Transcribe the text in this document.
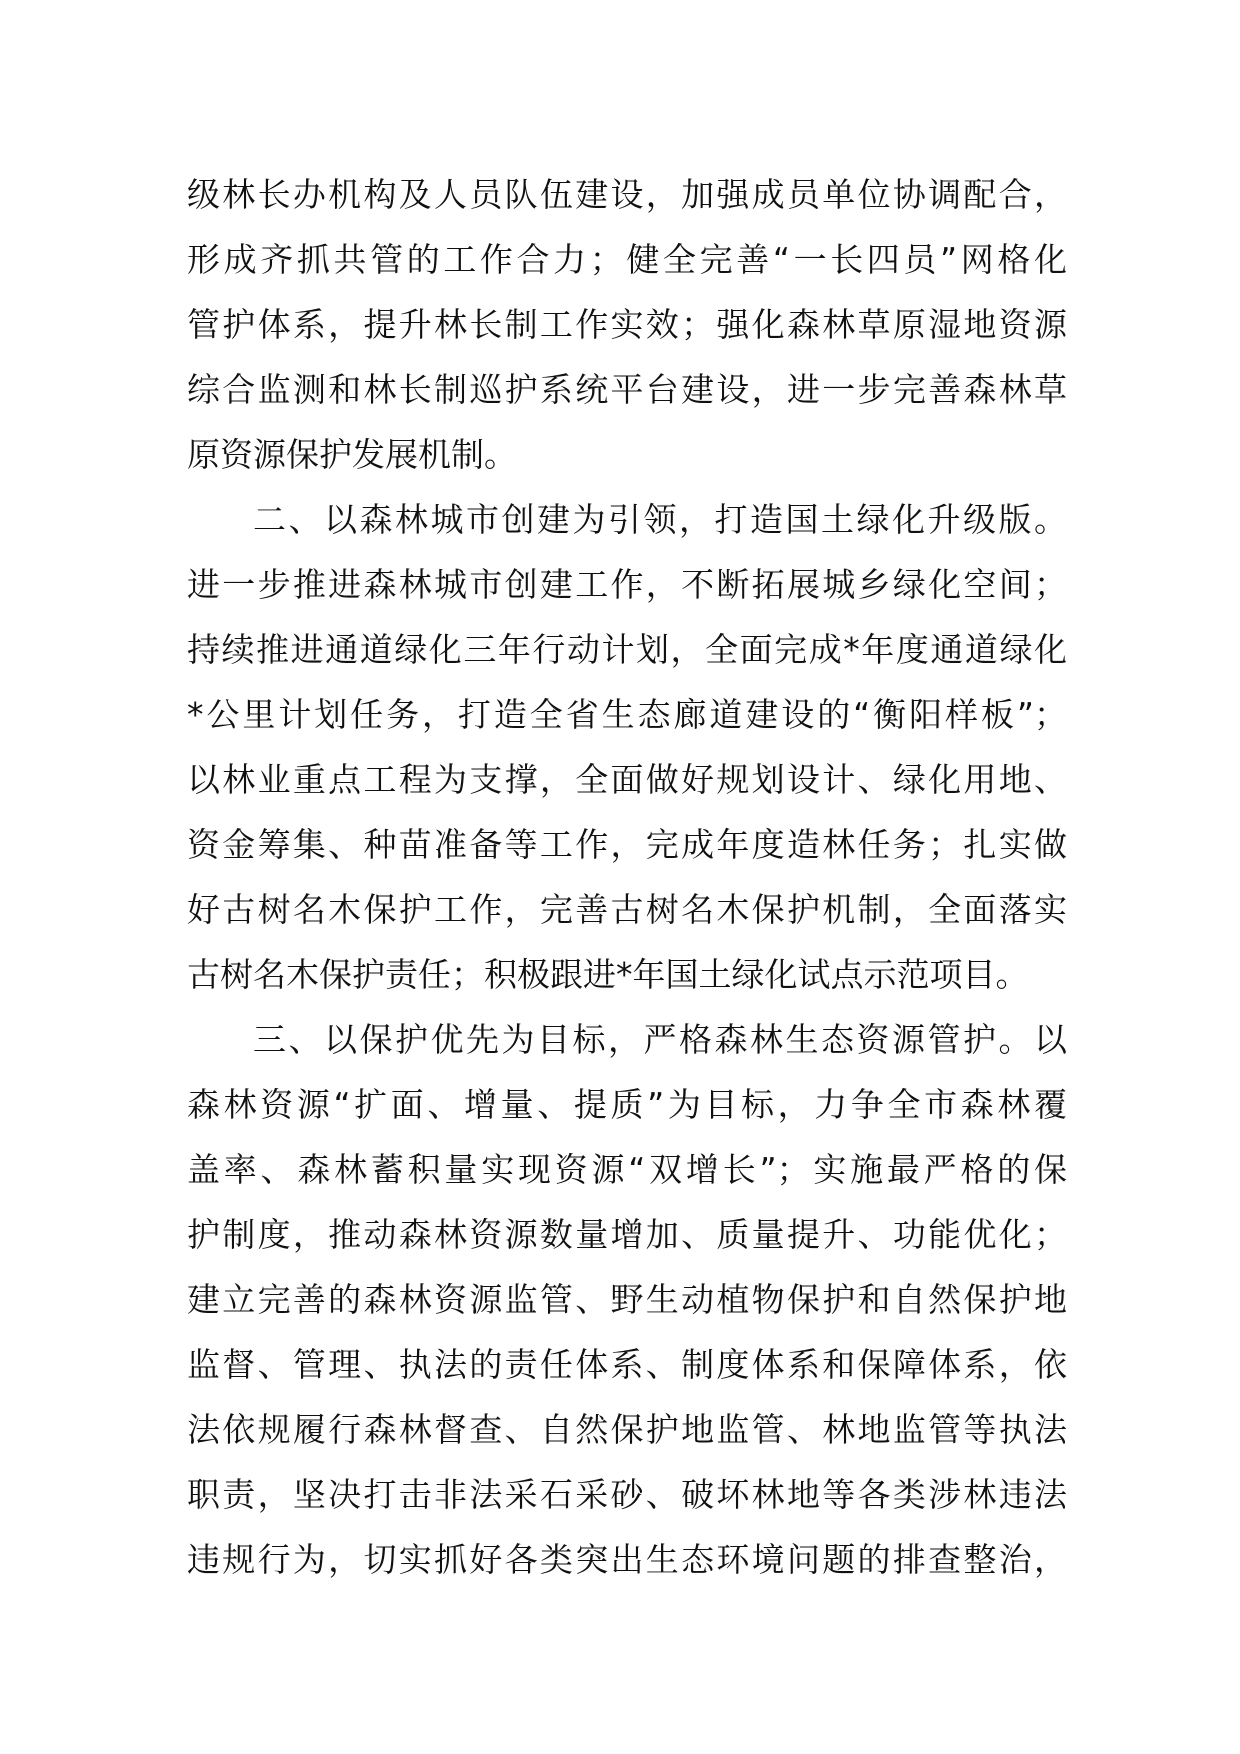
级林长办机构及人员队伍建设，加强成员单位协调配合，
形成齐抓共管的工作合力；健全完善“一长四员”网格化
管护体系，提升林长制工作实效；强化森林草原湿地资源
综合监测和林长制巡护系统平台建设，进一步完善森林草
原资源保护发展机制。
二、以森林城市创建为引领，打造国土绿化升级版。
进一步推进森林城市创建工作，不断拓展城乡绿化空间；
持续推进通道绿化三年行动计划，全面完成*年度通道绿化
*公里计划任务，打造全省生态廊道建设的“衡阳样板”；
以林业重点工程为支撑，全面做好规划设计、绿化用地、
资金筹集、种苗准备等工作，完成年度造林任务；扎实做
好古树名木保护工作，完善古树名木保护机制，全面落实
古树名木保护责任；积极跟进*年国土绿化试点示范项目。
三、以保护优先为目标，严格森林生态资源管护。以
森林资源“扩面、增量、提质”为目标，力争全市森林覆
盖率、森林蓄积量实现资源“双增长”；实施最严格的保
护制度，推动森林资源数量增加、质量提升、功能优化；
建立完善的森林资源监管、野生动植物保护和自然保护地
监督、管理、执法的责任体系、制度体系和保障体系，依
法依规履行森林督查、自然保护地监管、林地监管等执法
职责，坚决打击非法采石采砂、破坏林地等各类涉林违法
违规行为，切实抓好各类突出生态环境问题的排查整治，
